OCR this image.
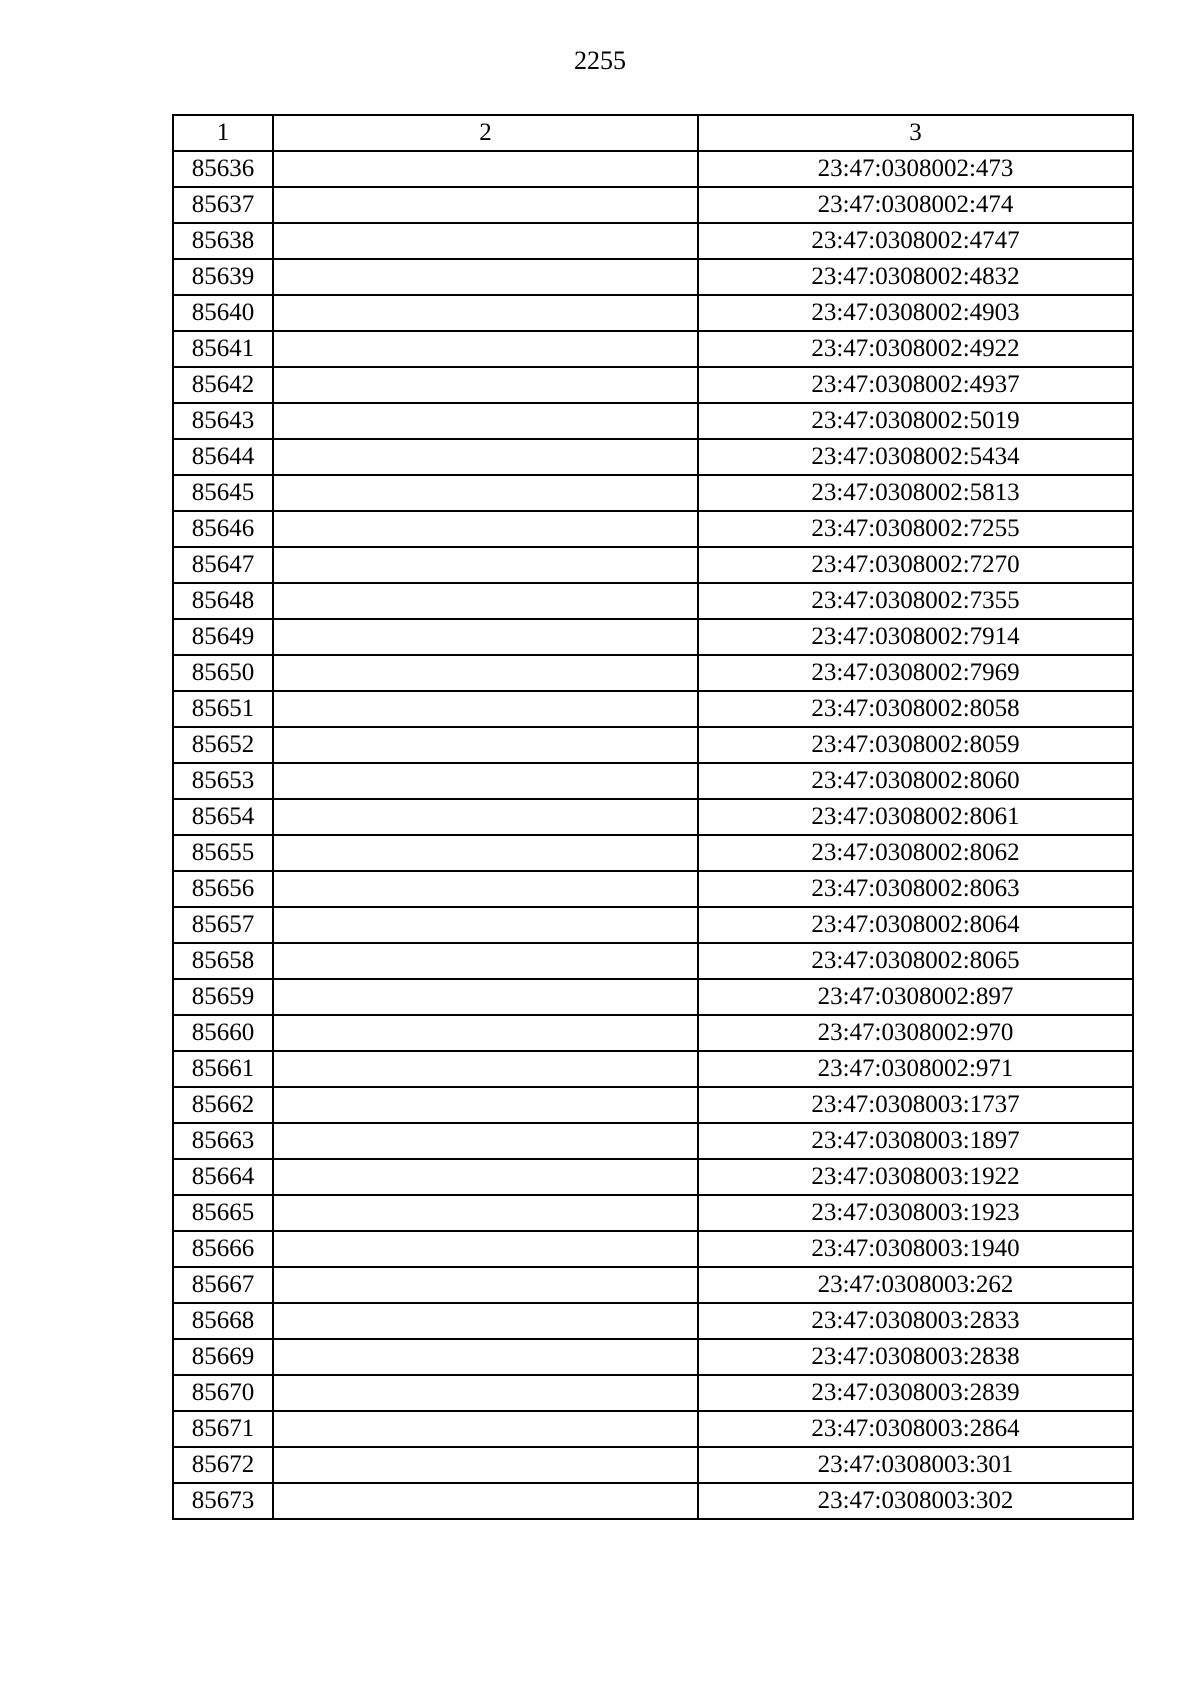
2255
1	2	3
85636		23:47:0308002:473
85637		23:47:0308002:474
85638		23:47:0308002:4747
85639		23:47:0308002:4832
85640		23:47:0308002:4903
85641		23:47:0308002:4922
85642		23:47:0308002:4937
85643		23:47:0308002:5019
85644		23:47:0308002:5434
85645		23:47:0308002:5813
85646		23:47:0308002:7255
85647		23:47:0308002:7270
85648		23:47:0308002:7355
85649		23:47:0308002:7914
85650		23:47:0308002:7969
85651		23:47:0308002:8058
85652		23:47:0308002:8059
85653		23:47:0308002:8060
85654		23:47:0308002:8061
85655		23:47:0308002:8062
85656		23:47:0308002:8063
85657		23:47:0308002:8064
85658		23:47:0308002:8065
85659		23:47:0308002:897
85660		23:47:0308002:970
85661		23:47:0308002:971
85662		23:47:0308003:1737
85663		23:47:0308003:1897
85664		23:47:0308003:1922
85665		23:47:0308003:1923
85666		23:47:0308003:1940
85667		23:47:0308003:262
85668		23:47:0308003:2833
85669		23:47:0308003:2838
85670		23:47:0308003:2839
85671		23:47:0308003:2864
85672		23:47:0308003:301
85673		23:47:0308003:302
